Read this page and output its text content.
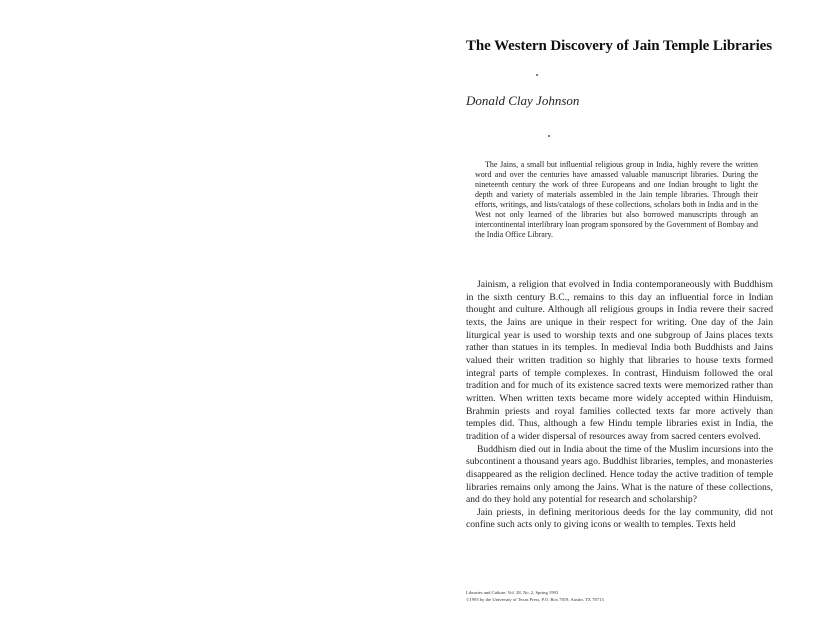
The Western Discovery of Jain Temple Libraries
Donald Clay Johnson
The Jains, a small but influential religious group in India, highly revere the written word and over the centuries have amassed valuable manuscript libraries. During the nineteenth century the work of three Europeans and one Indian brought to light the depth and variety of materials assembled in the Jain temple libraries. Through their efforts, writings, and lists/catalogs of these collections, scholars both in India and in the West not only learned of the libraries but also borrowed manuscripts through an intercontinental interlibrary loan program sponsored by the Government of Bombay and the India Office Library.

Jainism, a religion that evolved in India contemporaneously with Buddhism in the sixth century B.C., remains to this day an influential force in Indian thought and culture. Although all religious groups in India revere their sacred texts, the Jains are unique in their respect for writing. One day of the Jain liturgical year is used to worship texts and one subgroup of Jains places texts rather than statues in its temples. In medieval India both Buddhists and Jains valued their written tradition so highly that libraries to house texts formed integral parts of temple complexes. In contrast, Hinduism followed the oral tradition and for much of its existence sacred texts were memorized rather than written. When written texts became more widely accepted within Hinduism, Brahmin priests and royal families collected texts far more actively than temples did. Thus, although a few Hindu temple libraries exist in India, the tradition of a wider dispersal of resources away from sacred centers evolved.

Buddhism died out in India about the time of the Muslim incursions into the subcontinent a thousand years ago. Buddhist libraries, temples, and monasteries disappeared as the religion declined. Hence today the active tradition of temple libraries remains only among the Jains. What is the nature of these collections, and do they hold any potential for research and scholarship?

Jain priests, in defining meritorious deeds for the lay community, did not confine such acts only to giving icons or wealth to temples. Texts held

Libraries and Culture, Vol. 28, No. 2, Spring 1993
©1993 by the University of Texas Press, P.O. Box 7819, Austin, TX 78713
